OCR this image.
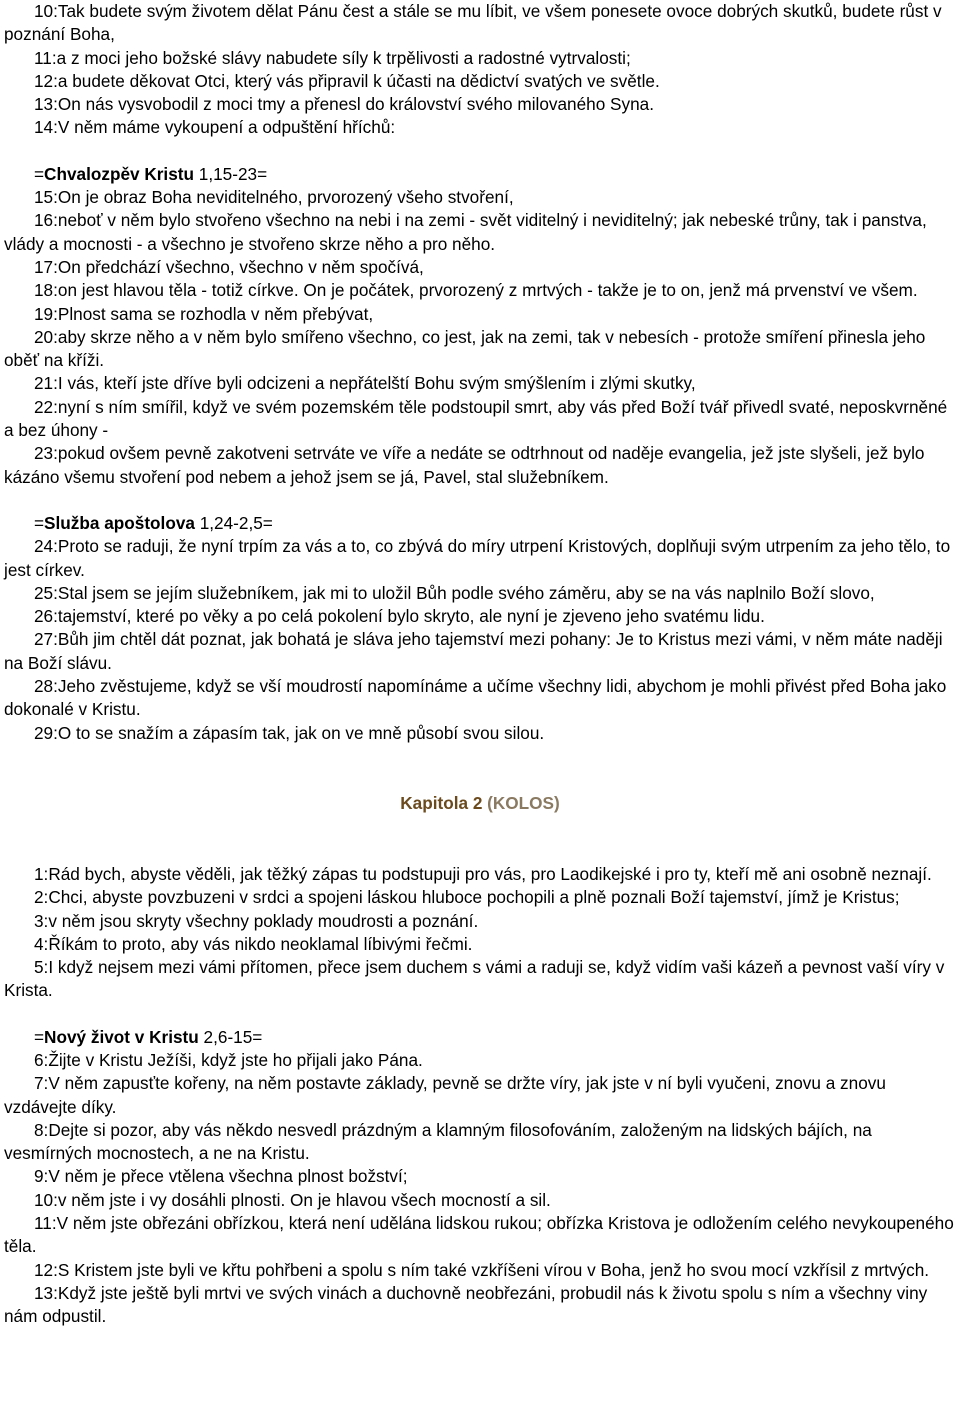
10:Tak budete svým životem dělat Pánu čest a stále se mu líbit, ve všem ponesete ovoce dobrých skutků, budete růst v poznání Boha,

11:a z moci jeho božské slávy nabudete síly k trpělivosti a radostné vytrvalosti;

12:a budete děkovat Otci, který vás připravil k účasti na dědictví svatých ve světle.

13:On nás vysvobodil z moci tmy a přenesl do království svého milovaného Syna.

14:V něm máme vykoupení a odpuštění hříchů:

=Chvalozpěv Kristu 1,15-23=

15:On je obraz Boha neviditelného, prvorozený všeho stvoření,

16:neboť v něm bylo stvořeno všechno na nebi i na zemi - svět viditelný i neviditelný; jak nebeské trůny, tak i panstva, vlády a mocnosti - a všechno je stvořeno skrze něho a pro něho.

17:On předchází všechno, všechno v něm spočívá,

18:on jest hlavou těla - totiž církve. On je počátek, prvorozený z mrtvých - takže je to on, jenž má prvenství ve všem.

19:Plnost sama se rozhodla v něm přebývat,

20:aby skrze něho a v něm bylo smířeno všechno, co jest, jak na zemi, tak v nebesích - protože smíření přinesla jeho oběť na kříži.

21:I vás, kteří jste dříve byli odcizeni a nepřátelští Bohu svým smýšlením i zlými skutky,

22:nyní s ním smířil, když ve svém pozemském těle podstoupil smrt, aby vás před Boží tvář přivedl svaté, neposkvrněné a bez úhony -

23:pokud ovšem pevně zakotveni setrváte ve víře a nedáte se odtrhnout od naděje evangelia, jež jste slyšeli, jež bylo kázáno všemu stvoření pod nebem a jehož jsem se já, Pavel, stal služebníkem.

=Služba apoštolova 1,24-2,5=

24:Proto se raduji, že nyní trpím za vás a to, co zbývá do míry utrpení Kristových, doplňuji svým utrpením za jeho tělo, to jest církev.

25:Stal jsem se jejím služebníkem, jak mi to uložil Bůh podle svého záměru, aby se na vás naplnilo Boží slovo,

26:tajemství, které po věky a po celá pokolení bylo skryto, ale nyní je zjeveno jeho svatému lidu.

27:Bůh jim chtěl dát poznat, jak bohatá je sláva jeho tajemství mezi pohany: Je to Kristus mezi vámi, v něm máte naději na Boží slávu.

28:Jeho zvěstujeme, když se vší moudrostí napomínáme a učíme všechny lidi, abychom je mohli přivést před Boha jako dokonalé v Kristu.

29:O to se snažím a zápasím tak, jak on ve mně působí svou silou.

Kapitola 2 (KOLOS)

1:Rád bych, abyste věděli, jak těžký zápas tu podstupuji pro vás, pro Laodikejské i pro ty, kteří mě ani osobně neznají.

2:Chci, abyste povzbuzeni v srdci a spojeni láskou hluboce pochopili a plně poznali Boží tajemství, jímž je Kristus;

3:v něm jsou skryty všechny poklady moudrosti a poznání.

4:Říkám to proto, aby vás nikdo neoklamal líbivými řečmi.

5:I když nejsem mezi vámi přítomen, přece jsem duchem s vámi a raduji se, když vidím vaši kázeň a pevnost vaší víry v Krista.

=Nový život v Kristu 2,6-15=

6:Žijte v Kristu Ježíši, když jste ho přijali jako Pána.

7:V něm zapusťte kořeny, na něm postavte základy, pevně se držte víry, jak jste v ní byli vyučeni, znovu a znovu vzdávejte díky.

8:Dejte si pozor, aby vás někdo nesvedl prázdným a klamným filosofováním, založeným na lidských bájích, na vesmírných mocnostech, a ne na Kristu.

9:V něm je přece vtělena všechna plnost božství;

10:v něm jste i vy dosáhli plnosti. On je hlavou všech mocností a sil.

11:V něm jste obřezáni obřízkou, která není udělána lidskou rukou; obřízka Kristova je odložením celého nevykoupeného těla.

12:S Kristem jste byli ve křtu pohřbeni a spolu s ním také vzkříšeni vírou v Boha, jenž ho svou mocí vzkřísil z mrtvých.

13:Když jste ještě byli mrtvi ve svých vinách a duchovně neobřezáni, probudil nás k životu spolu s ním a všechny viny nám odpustil.
